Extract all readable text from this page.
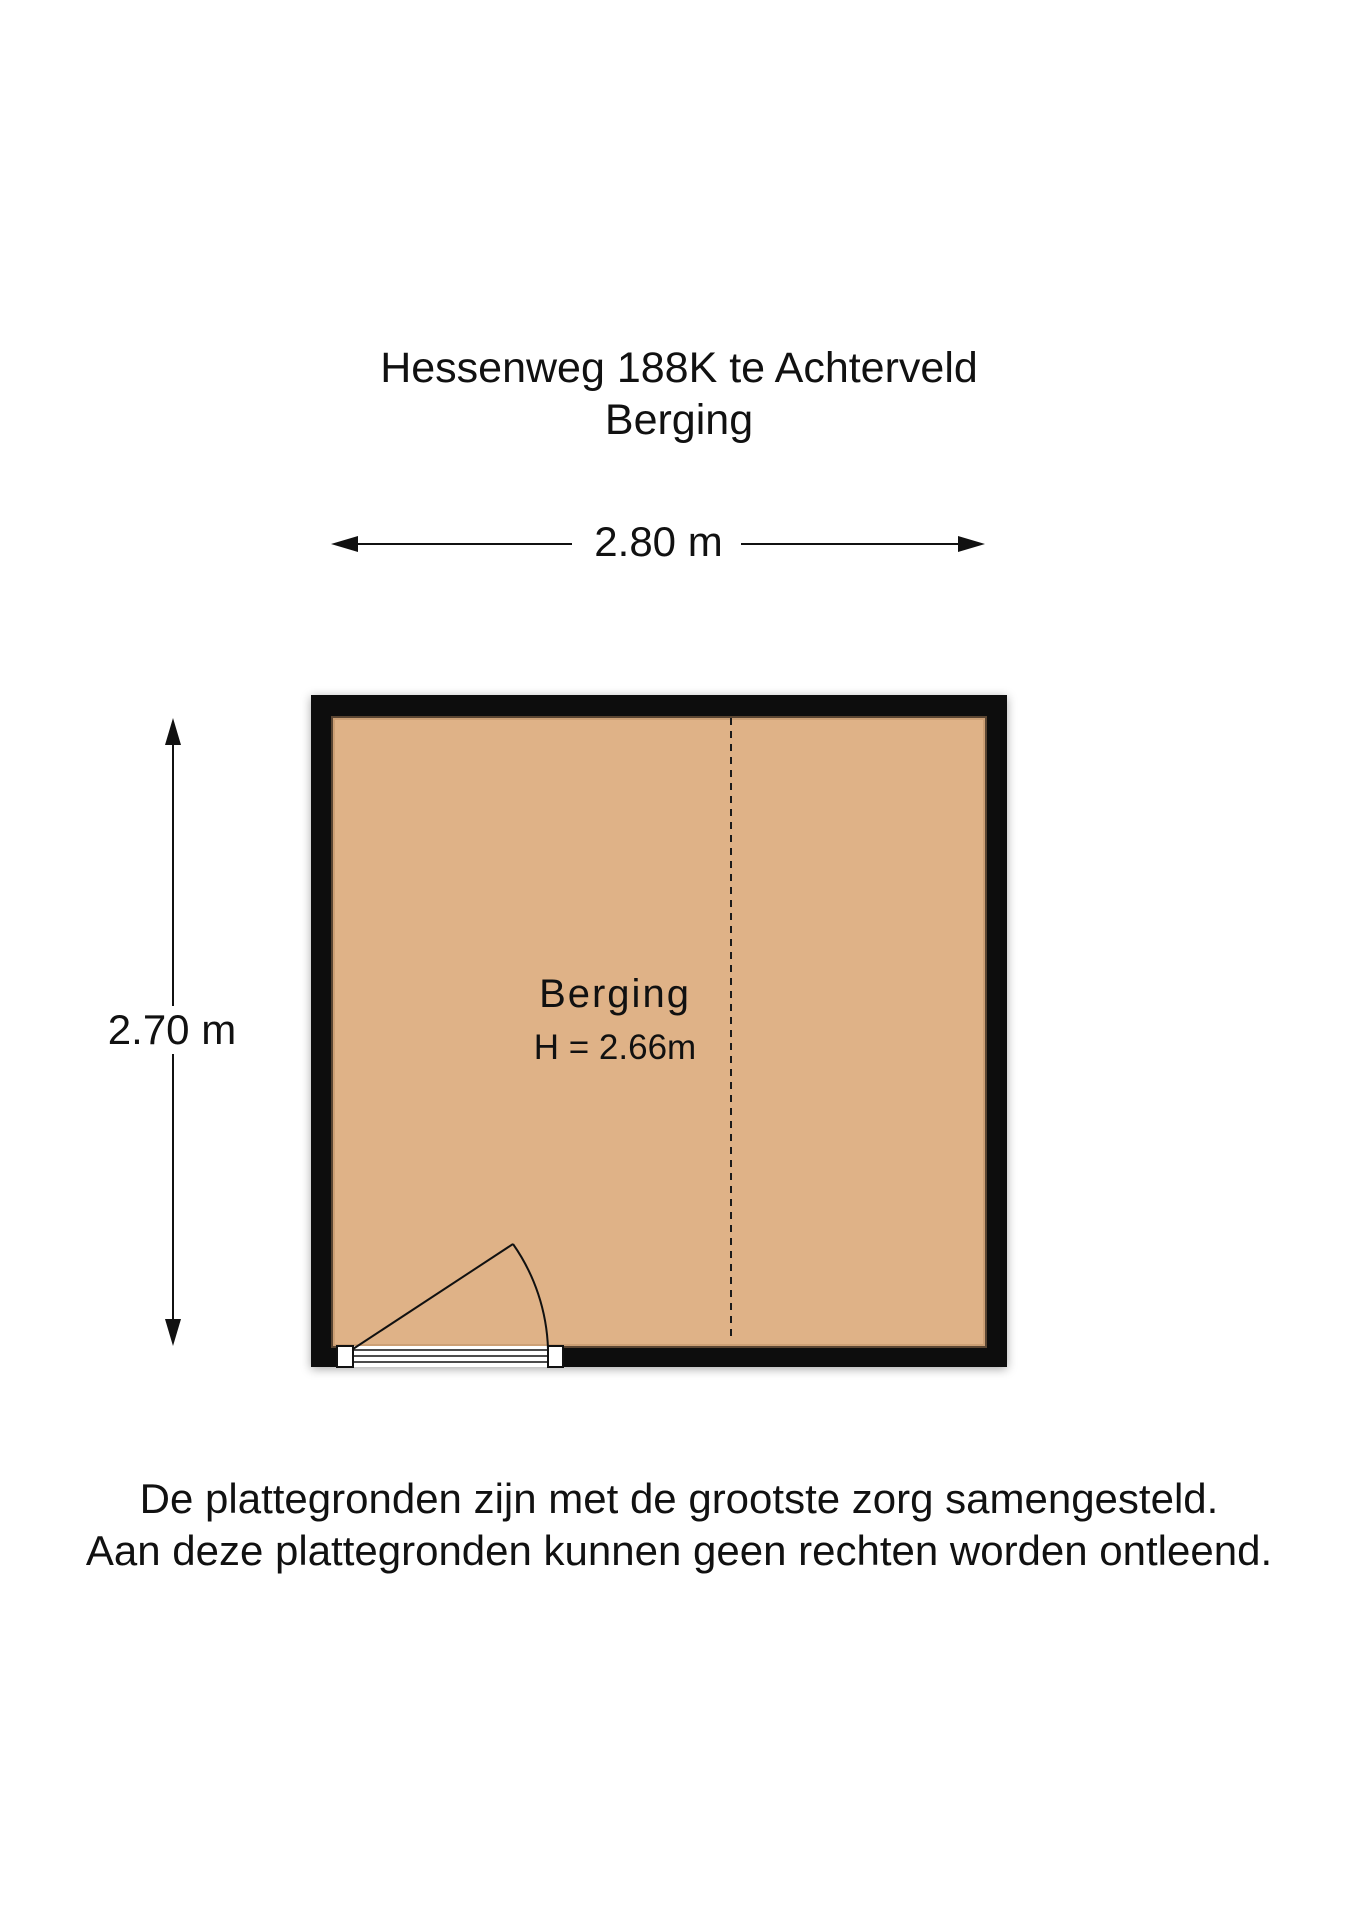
Hessenweg 188K te Achterveld
Berging
2.80 m
2.70 m
Berging
H = 2.66m
De plattegronden zijn met de grootste zorg samengesteld.
Aan deze plattegronden kunnen geen rechten worden ontleend.
